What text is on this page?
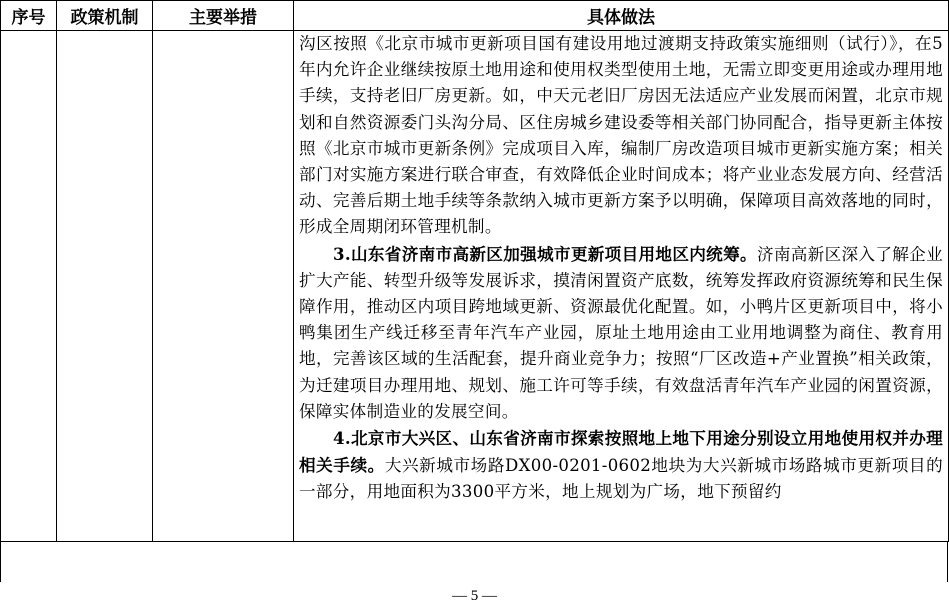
序号	政策机制	主要举措	具体做法

			沟区按照《北京市城市更新项目国有建设用地过渡期支持政策实施细则（试行）》，在5年内允许企业继续按原土地用途和使用权类型使用土地，无需立即变更用途或办理用地手续，支持老旧厂房更新。如，中天元老旧厂房因无法适应产业发展而闲置，北京市规划和自然资源委门头沟分局、区住房城乡建设委等相关部门协同配合，指导更新主体按照《北京市城市更新条例》完成项目入库，编制厂房改造项目城市更新实施方案；相关部门对实施方案进行联合审查，有效降低企业时间成本；将产业业态发展方向、经营活动、完善后期土地手续等条款纳入城市更新方案予以明确，保障项目高效落地的同时，形成全周期闭环管理机制。

3.山东省济南市高新区加强城市更新项目用地区内统筹。济南高新区深入了解企业扩大产能、转型升级等发展诉求，摸清闲置资产底数，统筹发挥政府资源统筹和民生保障作用，推动区内项目跨地域更新、资源最优化配置。如，小鸭片区更新项目中，将小鸭集团生产线迁移至青年汽车产业园，原址土地用途由工业用地调整为商住、教育用地，完善该区域的生活配套，提升商业竞争力；按照“厂区改造+产业置换”相关政策，为迁建项目办理用地、规划、施工许可等手续，有效盘活青年汽车产业园的闲置资源，保障实体制造业的发展空间。

4.北京市大兴区、山东省济南市探索按照地上地下用途分别设立用地使用权并办理相关手续。大兴新城市场路DX00-0201-0602地块为大兴新城市场路城市更新项目的一部分，用地面积为3300平方米，地上规划为广场，地下预留约

— 5 —
